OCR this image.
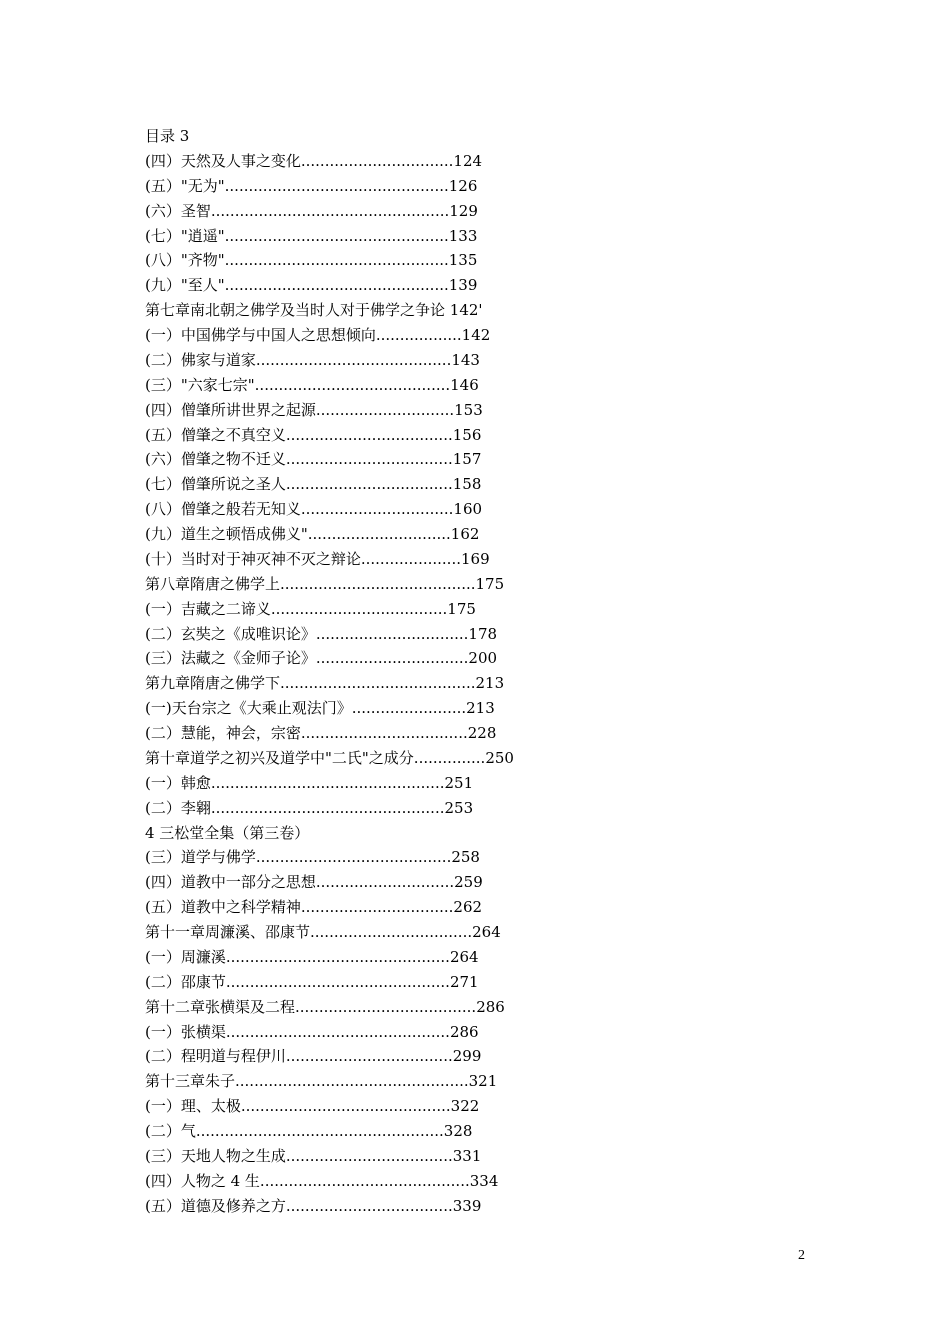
目录 3
(四）天然及人事之变化................................124
(五）"无为"...............................................126
(六）圣智..................................................129
(七）"逍遥"...............................................133
(八）"齐物"...............................................135
(九）"至人"...............................................139
第七章南北朝之佛学及当时人对于佛学之争论 142'
(一）中国佛学与中国人之思想倾向..................142
(二）佛家与道家.........................................143
(三）"六家七宗".........................................146
(四）僧肇所讲世界之起源.............................153
(五）僧肇之不真空义...................................156
(六）僧肇之物不迁义...................................157
(七）僧肇所说之圣人...................................158
(八）僧肇之般若无知义................................160
(九）道生之顿悟成佛义"..............................162
(十）当时对于神灭神不灭之辩论.....................169
第八章隋唐之佛学上.........................................175
(一）吉藏之二谛义.....................................175
(二）玄奘之《成唯识论》................................178
(三）法藏之《金师子论》................................200
第九章隋唐之佛学下.........................................213
(一)天台宗之《大乘止观法门》........................213
(二）慧能，神会，宗密...................................228
第十章道学之初兴及道学中"二氏"之成分...............250
(一）韩愈.................................................251
(二）李翱.................................................253
4 三松堂全集（第三卷）
(三）道学与佛学.........................................258
(四）道教中一部分之思想.............................259
(五）道教中之科学精神................................262
第十一章周濂溪、邵康节..................................264
(一）周濂溪...............................................264
(二）邵康节...............................................271
第十二章张横渠及二程......................................286
(一）张横渠...............................................286
(二）程明道与程伊川...................................299
第十三章朱子.................................................321
(一）理、太极............................................322
(二）气....................................................328
(三）天地人物之生成...................................331
(四）人物之 4 生............................................334
(五）道德及修养之方...................................339
2
